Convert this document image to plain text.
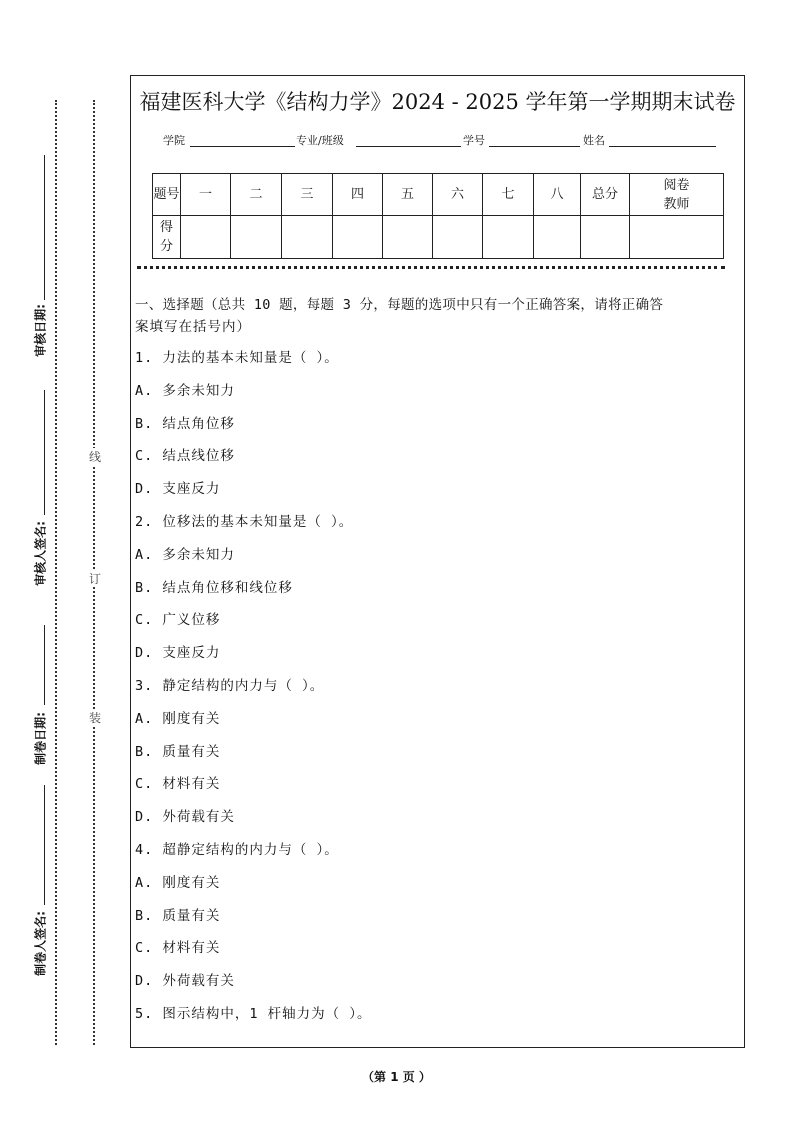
审核日期:
审核人签名:
制卷日期:
制卷人签名:
线
订
装
福建医科大学《结构力学》2024 - 2025 学年第一学期期末试卷
学院	专业/班级	学号	姓名
题号	一	二	三	四	五	六	七	八	总分	阅卷教师
得分										
一、选择题（总共 10 题，每题 3 分，每题的选项中只有一个正确答案，请将正确答
案填写在括号内）
1. 力法的基本未知量是（ ）。
A. 多余未知力
B. 结点角位移
C. 结点线位移
D. 支座反力
2. 位移法的基本未知量是（ ）。
A. 多余未知力
B. 结点角位移和线位移
C. 广义位移
D. 支座反力
3. 静定结构的内力与（ ）。
A. 刚度有关
B. 质量有关
C. 材料有关
D. 外荷载有关
4. 超静定结构的内力与（ ）。
A. 刚度有关
B. 质量有关
C. 材料有关
D. 外荷载有关
5. 图示结构中，1 杆轴力为（ ）。
（第 1 页 ）
